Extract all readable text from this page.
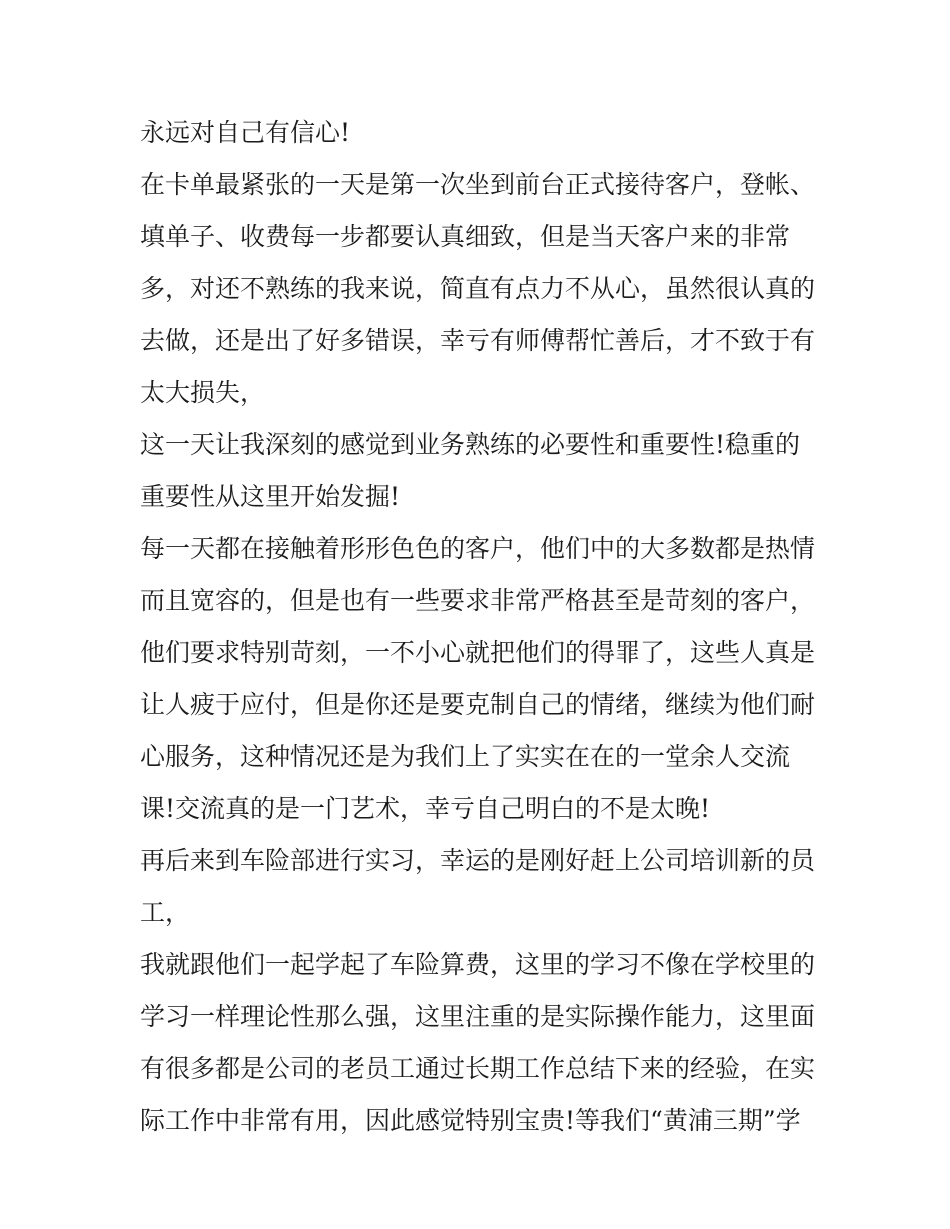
永远对自己有信心!
在卡单最紧张的一天是第一次坐到前台正式接待客户，登帐、
填单子、收费每一步都要认真细致，但是当天客户来的非常
多，对还不熟练的我来说，简直有点力不从心，虽然很认真的
去做，还是出了好多错误，幸亏有师傅帮忙善后，才不致于有
太大损失，
这一天让我深刻的感觉到业务熟练的必要性和重要性!稳重的
重要性从这里开始发掘!
每一天都在接触着形形色色的客户，他们中的大多数都是热情
而且宽容的，但是也有一些要求非常严格甚至是苛刻的客户，
他们要求特别苛刻，一不小心就把他们的得罪了，这些人真是
让人疲于应付，但是你还是要克制自己的情绪，继续为他们耐
心服务，这种情况还是为我们上了实实在在的一堂余人交流
课!交流真的是一门艺术，幸亏自己明白的不是太晚!
再后来到车险部进行实习，幸运的是刚好赶上公司培训新的员
工，
我就跟他们一起学起了车险算费，这里的学习不像在学校里的
学习一样理论性那么强，这里注重的是实际操作能力，这里面
有很多都是公司的老员工通过长期工作总结下来的经验，在实
际工作中非常有用，因此感觉特别宝贵!等我们“黄浦三期”学
